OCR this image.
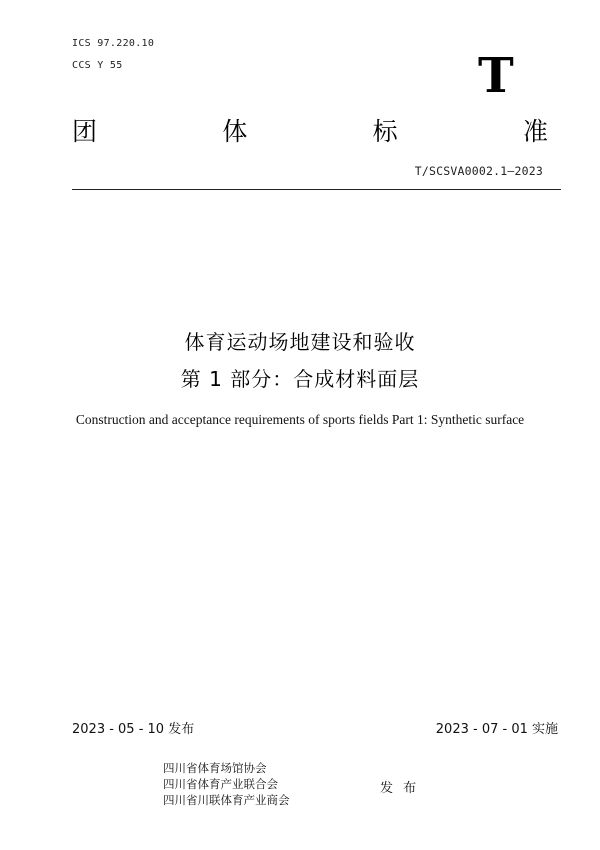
ICS 97.220.10
CCS Y 55	T
团	体	标	准
T/SCSVA0002.1—2023
体育运动场地建设和验收
第 1 部分：合成材料面层
Construction and acceptance requirements of sports fields Part 1: Synthetic surface
2023 - 05 - 10 发布	2023 - 07 - 01 实施
四川省体育场馆协会
四川省体育产业联合会
四川省川联体育产业商会
发 布
